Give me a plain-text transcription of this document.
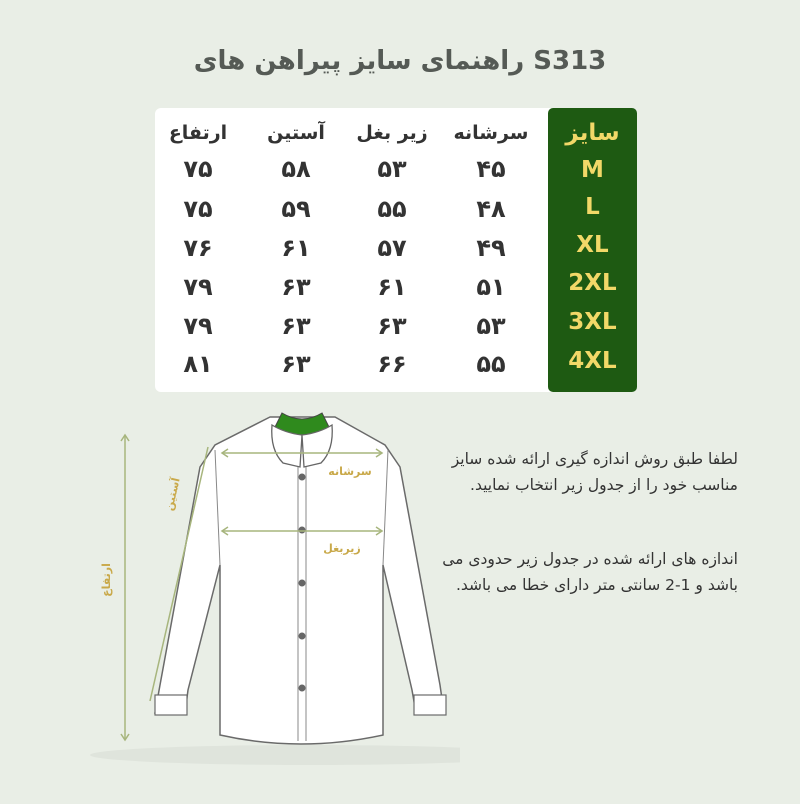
راهنمای سایز پیراهن های S313
سایز
M
L
XL
2XL
3XL
4XL
سرشانه
زیر بغل
آستین
ارتفاع
۴۵
۵۳
۵۸
۷۵
۴۸
۵۵
۵۹
۷۵
۴۹
۵۷
۶۱
۷۶
۵۱
۶۱
۶۳
۷۹
۵۳
۶۳
۶۳
۷۹
۵۵
۶۶
۶۳
۸۱
لطفا طبق روش اندازه گیری ارائه شده سایز مناسب خود را از جدول زیر انتخاب نمایید.
اندازه های ارائه شده در جدول زیر حدودی می باشد و 1-2 سانتی متر دارای خطا می باشد.
سرشانه
زیربغل
آستین
ارتفاع
